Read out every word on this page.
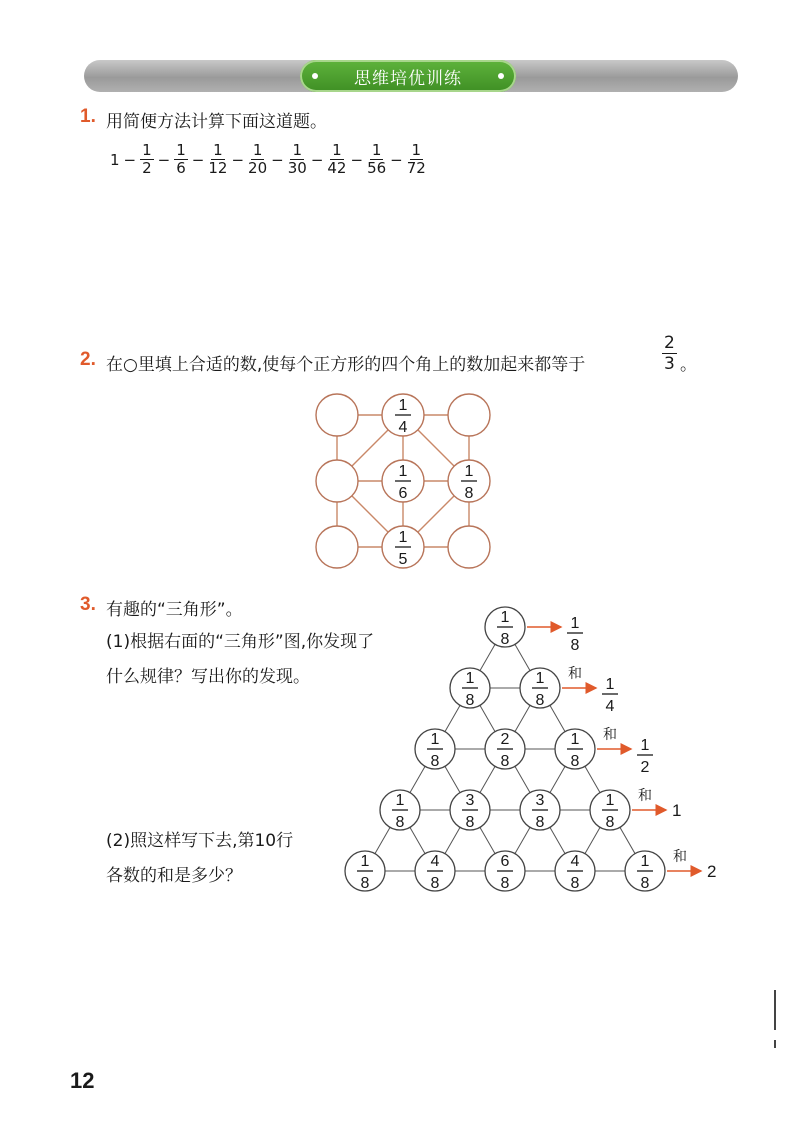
思维培优训练
1. 用简便方法计算下面这道题。
$1 - \frac{1}{2} - \frac{1}{6} - \frac{1}{12} - \frac{1}{20} - \frac{1}{30} - \frac{1}{42} - \frac{1}{56} - \frac{1}{72}$
2. 在○里填上合适的数,使每个正方形的四个角上的数加起来都等于	$\frac{2}{3}$ 。
3. 有趣的“三角形”。
(1)根据右面的“三角形”图,你发现了
什么规律？写出你的发现。
(2)照这样写下去,第10行
各数的和是多少？
1
4
1
6
1
8
1
5
1
8
1
8
1
8
1
8
和
1
4
1
8
2
8
1
8
和
1
2
1
8
3
8
3
8
1
8
和
1
1
8
4
8
6
8
4
8
1
8
和
2
12
